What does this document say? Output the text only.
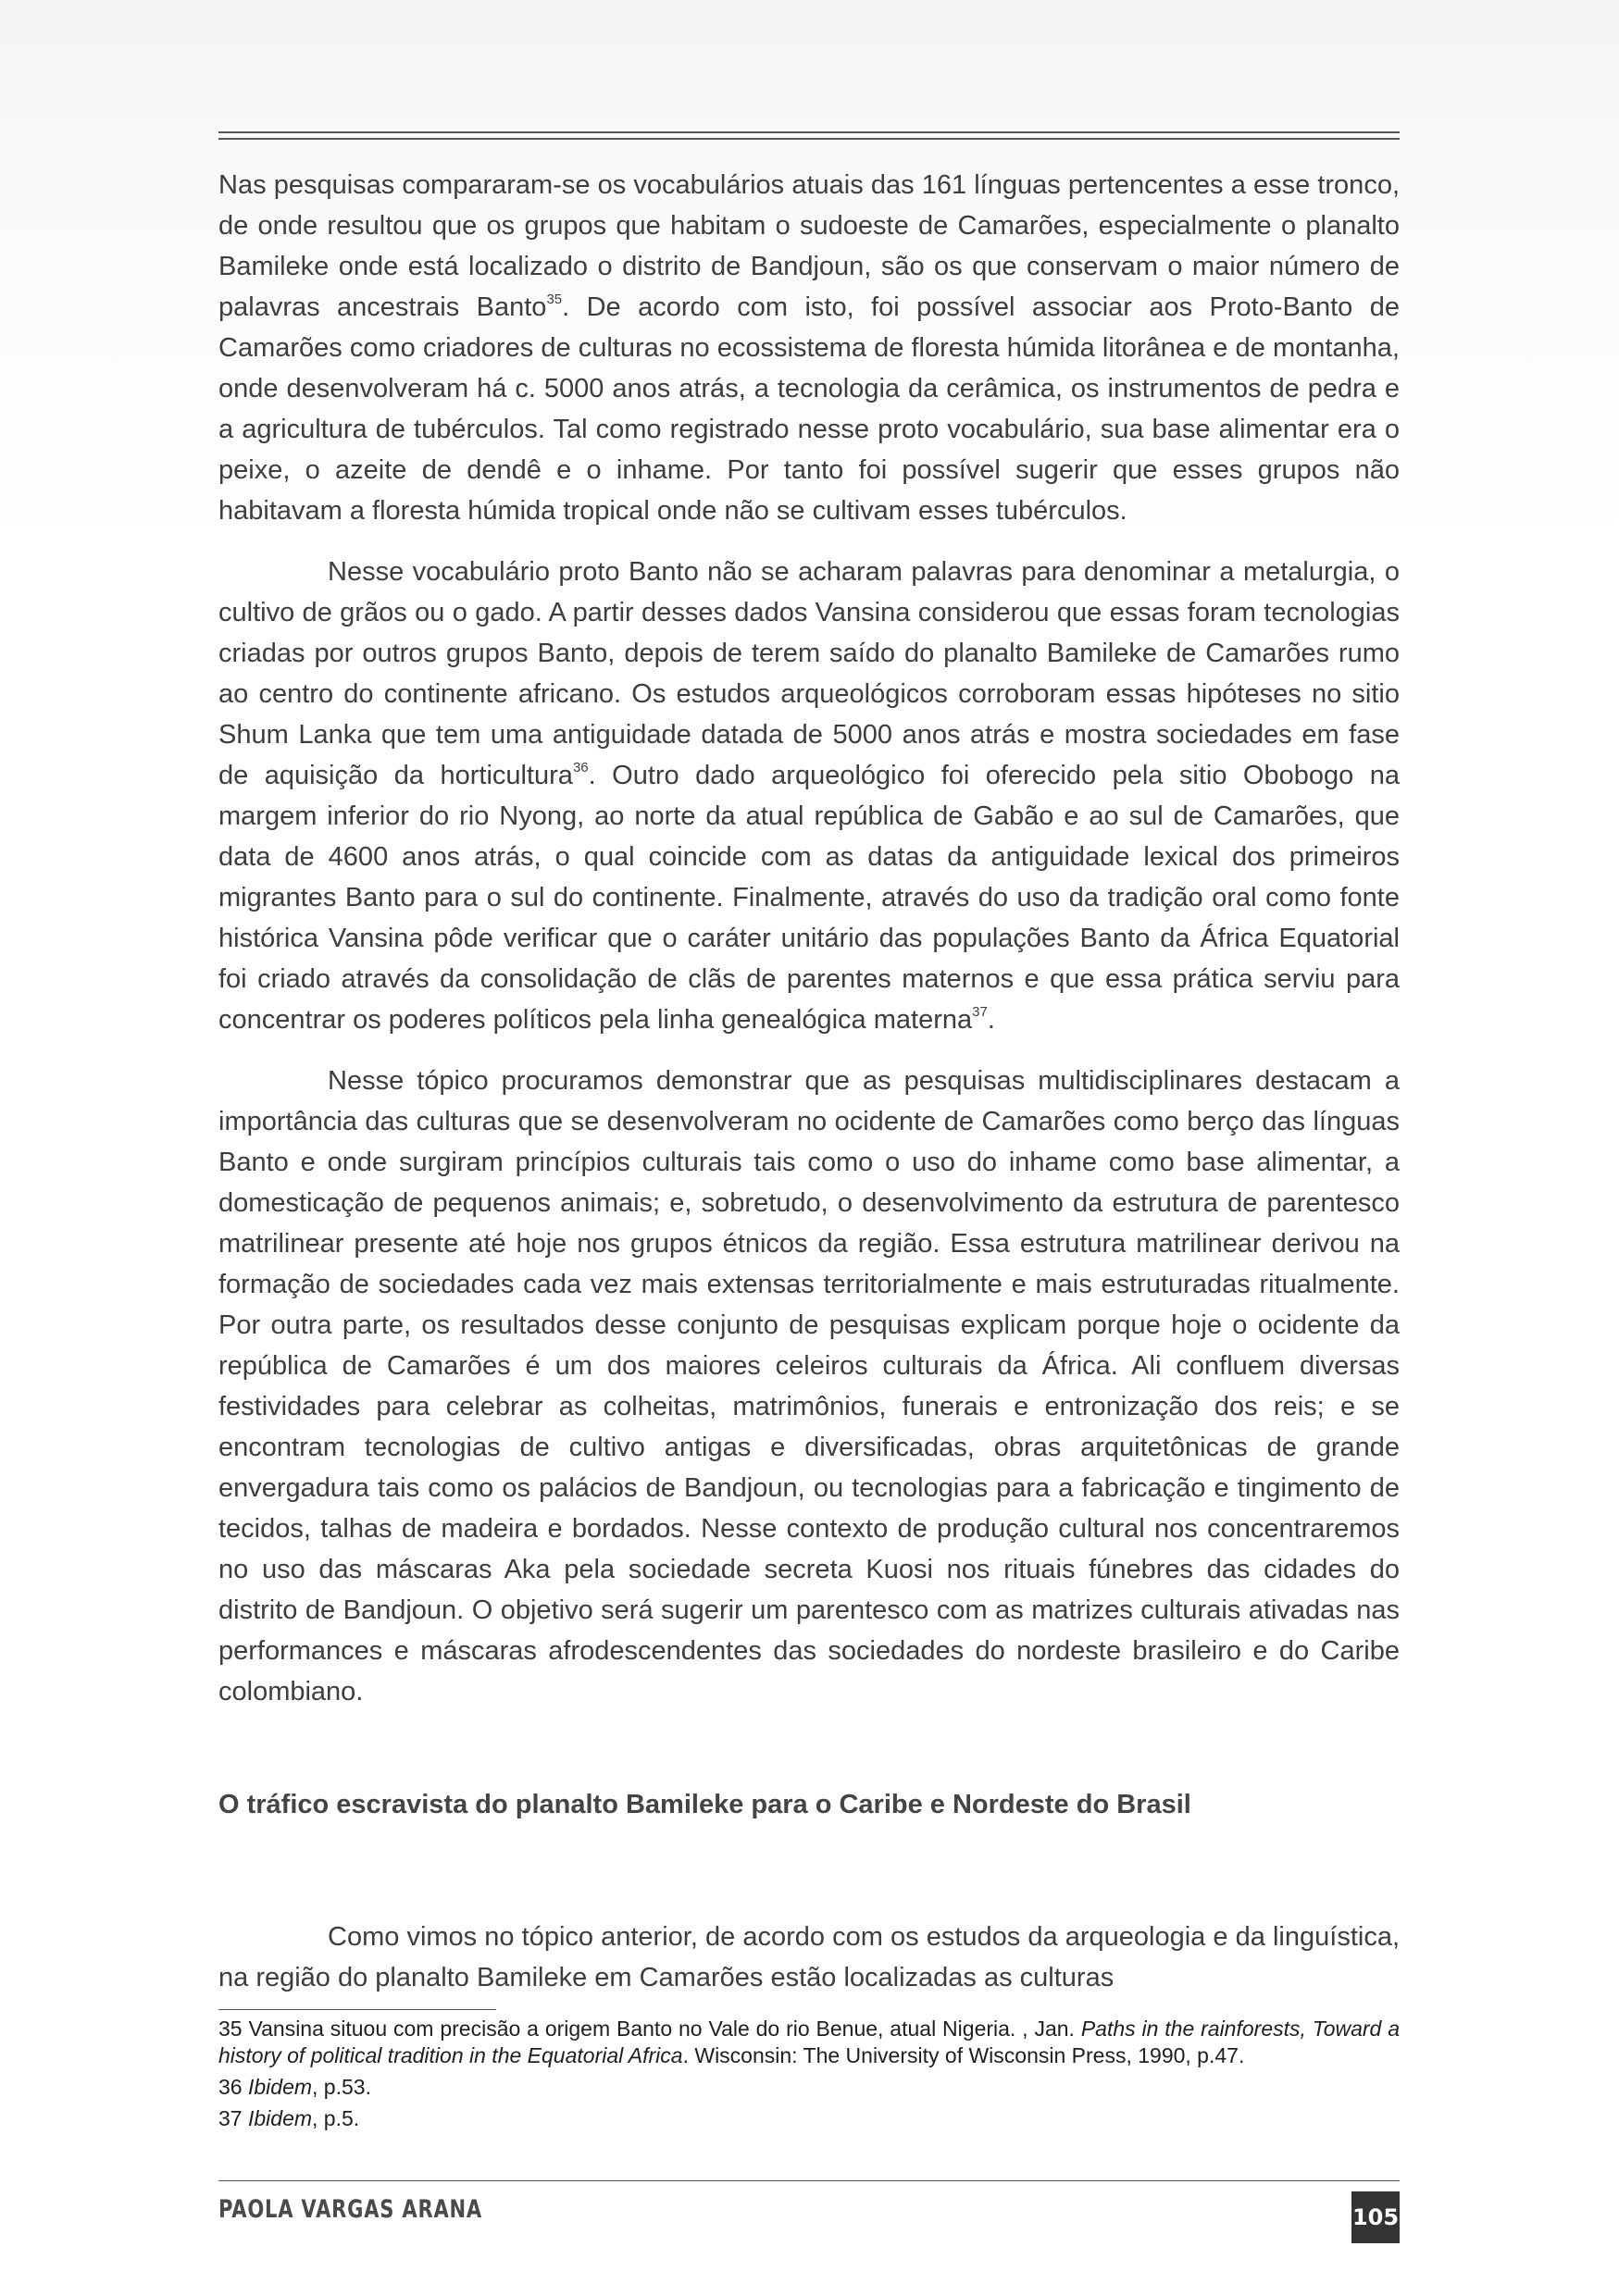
Nas pesquisas compararam-se os vocabulários atuais das 161 línguas pertencentes a esse tronco, de onde resultou que os grupos que habitam o sudoeste de Camarões, especialmente o planalto Bamileke onde está localizado o distrito de Bandjoun, são os que conservam o maior número de palavras ancestrais Banto$^{35}$. De acordo com isto, foi possível associar aos Proto-Banto de Camarões como criadores de culturas no ecossistema de floresta húmida litorânea e de montanha, onde desenvolveram há c. 5000 anos atrás, a tecnologia da cerâmica, os instrumentos de pedra e a agricultura de tubérculos. Tal como registrado nesse proto vocabulário, sua base alimentar era o peixe, o azeite de dendê e o inhame. Por tanto foi possível sugerir que esses grupos não habitavam a floresta húmida tropical onde não se cultivam esses tubérculos.

Nesse vocabulário proto Banto não se acharam palavras para denominar a metalurgia, o cultivo de grãos ou o gado. A partir desses dados Vansina considerou que essas foram tecnologias criadas por outros grupos Banto, depois de terem saído do planalto Bamileke de Camarões rumo ao centro do continente africano. Os estudos arqueológicos corroboram essas hipóteses no sitio Shum Lanka que tem uma antiguidade datada de 5000 anos atrás e mostra sociedades em fase de aquisição da horticultura$^{36}$. Outro dado arqueológico foi oferecido pela sitio Obobogo na margem inferior do rio Nyong, ao norte da atual república de Gabão e ao sul de Camarões, que data de 4600 anos atrás, o qual coincide com as datas da antiguidade lexical dos primeiros migrantes Banto para o sul do continente. Finalmente, através do uso da tradição oral como fonte histórica Vansina pôde verificar que o caráter unitário das populações Banto da África Equatorial foi criado através da consolidação de clãs de parentes maternos e que essa prática serviu para concentrar os poderes políticos pela linha genealógica materna$^{37}$.

Nesse tópico procuramos demonstrar que as pesquisas multidisciplinares destacam a importância das culturas que se desenvolveram no ocidente de Camarões como berço das línguas Banto e onde surgiram princípios culturais tais como o uso do inhame como base alimentar, a domesticação de pequenos animais; e, sobretudo, o desenvolvimento da estrutura de parentesco matrilinear presente até hoje nos grupos étnicos da região. Essa estrutura matrilinear derivou na formação de sociedades cada vez mais extensas territorialmente e mais estruturadas ritualmente. Por outra parte, os resultados desse conjunto de pesquisas explicam porque hoje o ocidente da república de Camarões é um dos maiores celeiros culturais da África. Ali confluem diversas festividades para celebrar as colheitas, matrimônios, funerais e entronização dos reis; e se encontram tecnologias de cultivo antigas e diversificadas, obras arquitetônicas de grande envergadura tais como os palácios de Bandjoun, ou tecnologias para a fabricação e tingimento de tecidos, talhas de madeira e bordados. Nesse contexto de produção cultural nos concentraremos no uso das máscaras Aka pela sociedade secreta Kuosi nos rituais fúnebres das cidades do distrito de Bandjoun. O objetivo será sugerir um parentesco com as matrizes culturais ativadas nas performances e máscaras afrodescendentes das sociedades do nordeste brasileiro e do Caribe colombiano.

O tráfico escravista do planalto Bamileke para o Caribe e Nordeste do Brasil

Como vimos no tópico anterior, de acordo com os estudos da arqueologia e da linguística, na região do planalto Bamileke em Camarões estão localizadas as culturas

35 Vansina situou com precisão a origem Banto no Vale do rio Benue, atual Nigeria. , Jan. Paths in the rainforests, Toward a history of political tradition in the Equatorial Africa. Wisconsin: The University of Wisconsin Press, 1990, p.47.

36 Ibidem, p.53.

37 Ibidem, p.5.

PAOLA VARGAS ARANA	105
